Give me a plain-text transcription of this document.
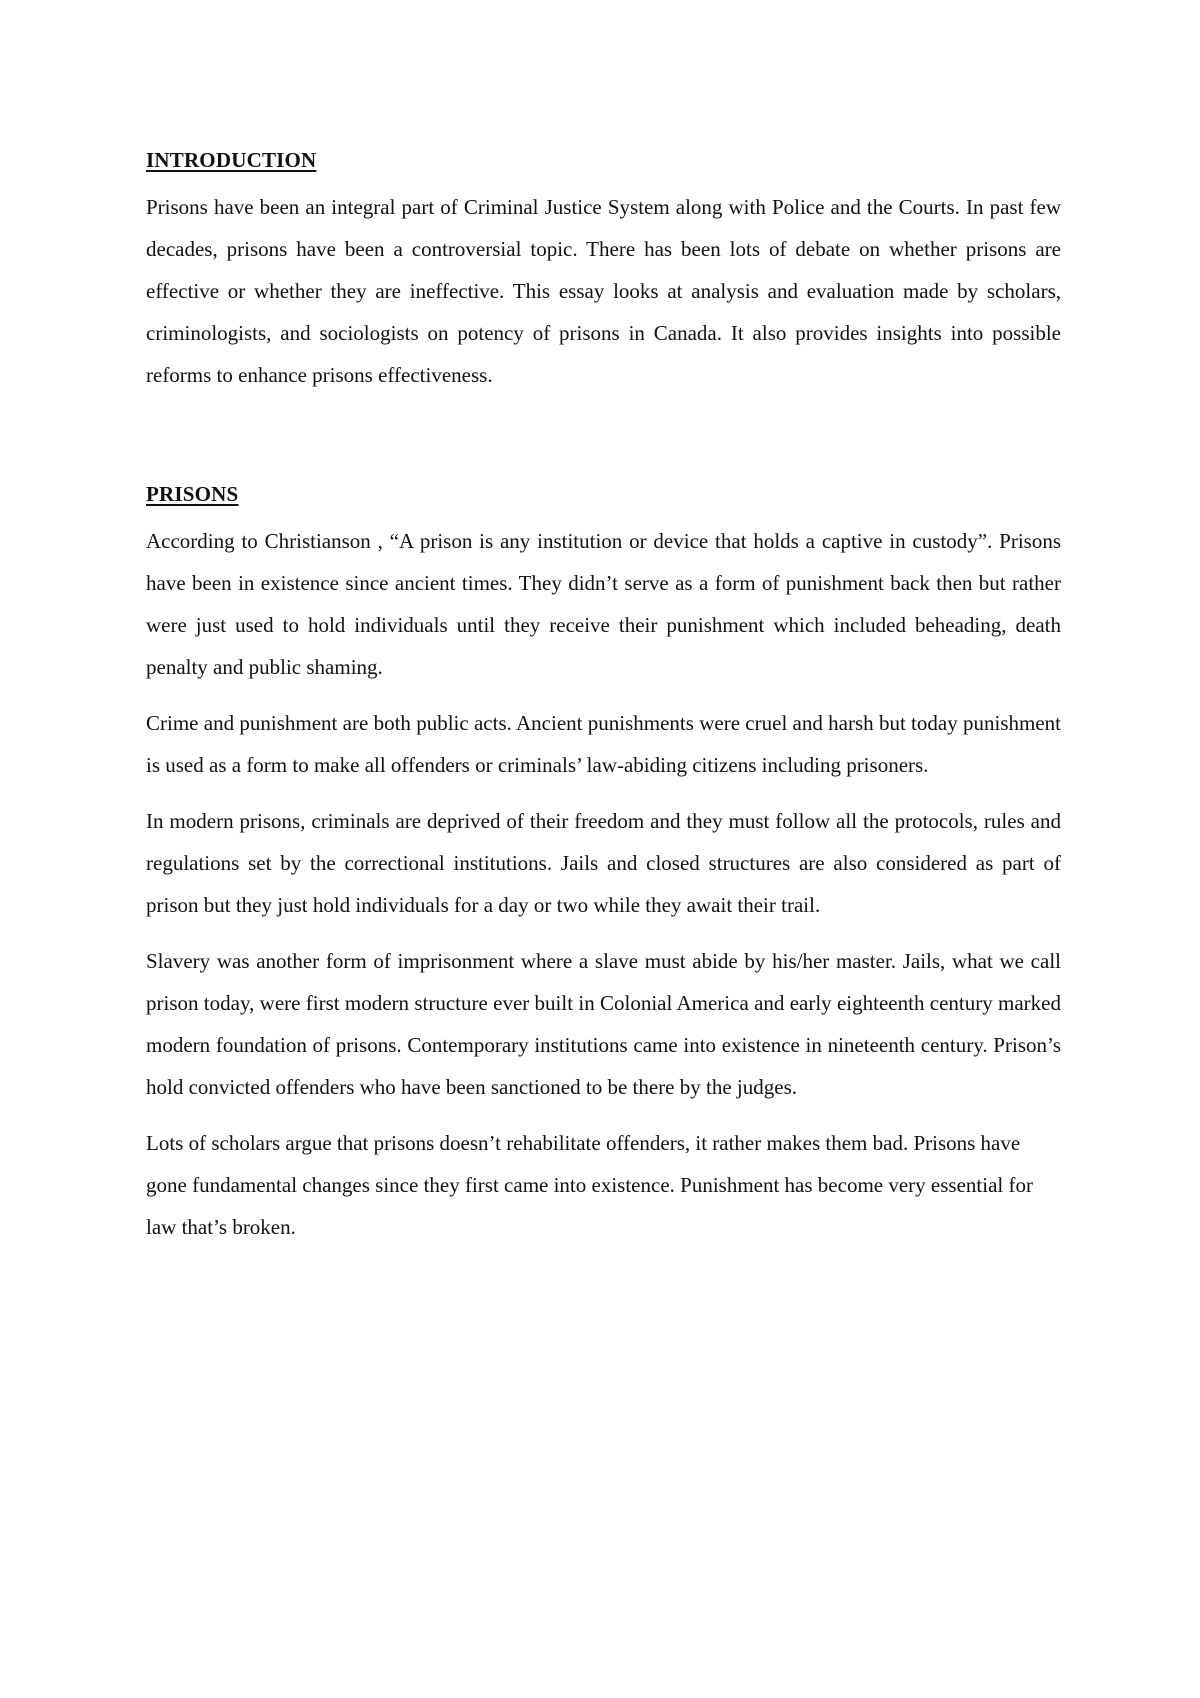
INTRODUCTION

Prisons have been an integral part of Criminal Justice System along with Police and the Courts. In past few decades, prisons have been a controversial topic. There has been lots of debate on whether prisons are effective or whether they are ineffective. This essay looks at analysis and evaluation made by scholars, criminologists, and sociologists on potency of prisons in Canada. It also provides insights into possible reforms to enhance prisons effectiveness.

PRISONS

According to Christianson , “A prison is any institution or device that holds a captive in custody”. Prisons have been in existence since ancient times. They didn’t serve as a form of punishment back then but rather were just used to hold individuals until they receive their punishment which included beheading, death penalty and public shaming.

Crime and punishment are both public acts. Ancient punishments were cruel and harsh but today punishment is used as a form to make all offenders or criminals’ law-abiding citizens including prisoners.

In modern prisons, criminals are deprived of their freedom and they must follow all the protocols, rules and regulations set by the correctional institutions. Jails and closed structures are also considered as part of prison but they just hold individuals for a day or two while they await their trail.

Slavery was another form of imprisonment where a slave must abide by his/her master. Jails, what we call prison today, were first modern structure ever built in Colonial America and early eighteenth century marked modern foundation of prisons. Contemporary institutions came into existence in nineteenth century. Prison’s hold convicted offenders who have been sanctioned to be there by the judges.

Lots of scholars argue that prisons doesn’t rehabilitate offenders, it rather makes them bad. Prisons have gone fundamental changes since they first came into existence. Punishment has become very essential for law that’s broken.
